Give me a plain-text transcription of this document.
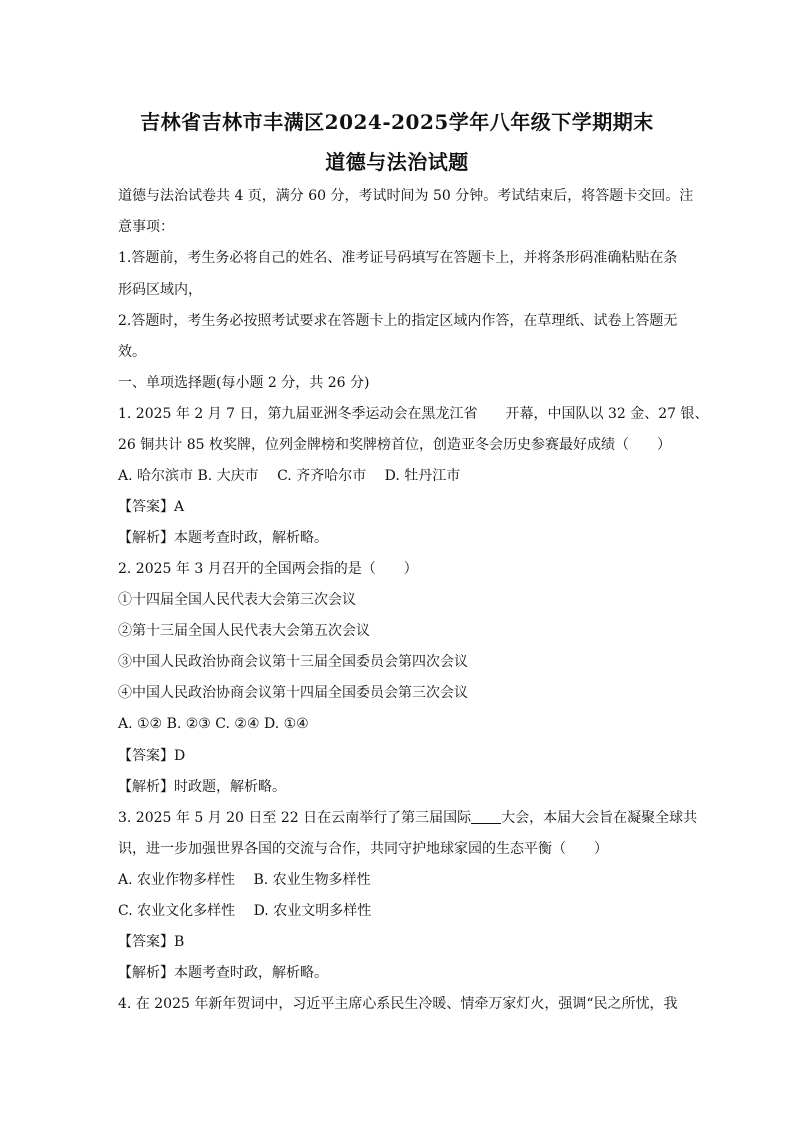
吉林省吉林市丰满区2024-2025学年八年级下学期期末
道德与法治试题
道德与法治试卷共 4 页，满分 60 分，考试时间为 50 分钟。考试结束后，将答题卡交回。注
意事项：
1.答题前，考生务必将自己的姓名、准考证号码填写在答题卡上，并将条形码准确粘贴在条
形码区域内，
2.答题时，考生务必按照考试要求在答题卡上的指定区域内作答，在草理纸、试卷上答题无
效。
一、单项选择题(每小题 2 分，共 26 分)
1. 2025 年 2 月 7 日，第九届亚洲冬季运动会在黑龙江省　　开幕，中国队以 32 金、27 银、
26 铜共计 85 枚奖牌，位列金牌榜和奖牌榜首位，创造亚冬会历史参赛最好成绩（　　）
A. 哈尔滨市 B. 大庆市　 C. 齐齐哈尔市　 D. 牡丹江市
【答案】A
【解析】本题考查时政，解析略。
2. 2025 年 3 月召开的全国两会指的是（　　）
①十四届全国人民代表大会第三次会议
②第十三届全国人民代表大会第五次会议
③中国人民政治协商会议第十三届全国委员会第四次会议
④中国人民政治协商会议第十四届全国委员会第三次会议
A. ①② B. ②③ C. ②④ D. ①④
【答案】D
【解析】时政题，解析略。
3. 2025 年 5 月 20 日至 22 日在云南举行了第三届国际 大会，本届大会旨在凝聚全球共
识，进一步加强世界各国的交流与合作，共同守护地球家园的生态平衡（　　）
A. 农业作物多样性　 B. 农业生物多样性
C. 农业文化多样性　 D. 农业文明多样性
【答案】B
【解析】本题考查时政，解析略。
4. 在 2025 年新年贺词中，习近平主席心系民生冷暖、情牵万家灯火，强调“民之所忧，我
